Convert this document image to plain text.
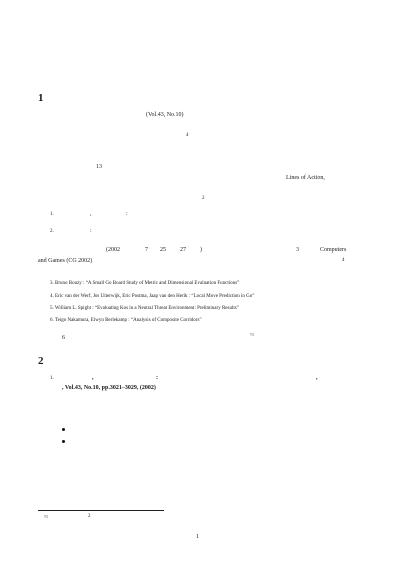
1
(Vol.43, No.10)
4
13
Lines of Action,
2
1.	,	:
2.	:
(2002	7 25 27 )	3	Computers
and Games (CG 2002)	4
3. Bruno Bouzy : “A Small Go Board Study of Metric and Dimensional Evaluation Functions”
4. Eric van der Werf, Jos Uiterwijk, Eric Postma, Jaap van den Herik : “Local Move Prediction in Go”
5. William L. Spight : “Evaluating Kos in a Neutral Threat Environment: Preliminary Results”
6. Teigo Nakamura, Elwyn Berlekamp : “Analysis of Composite Corridors”
6
†1
2
1.	,	:	,
, Vol.43, No.10, pp.3021–3029, (2002)
†1	2
1
